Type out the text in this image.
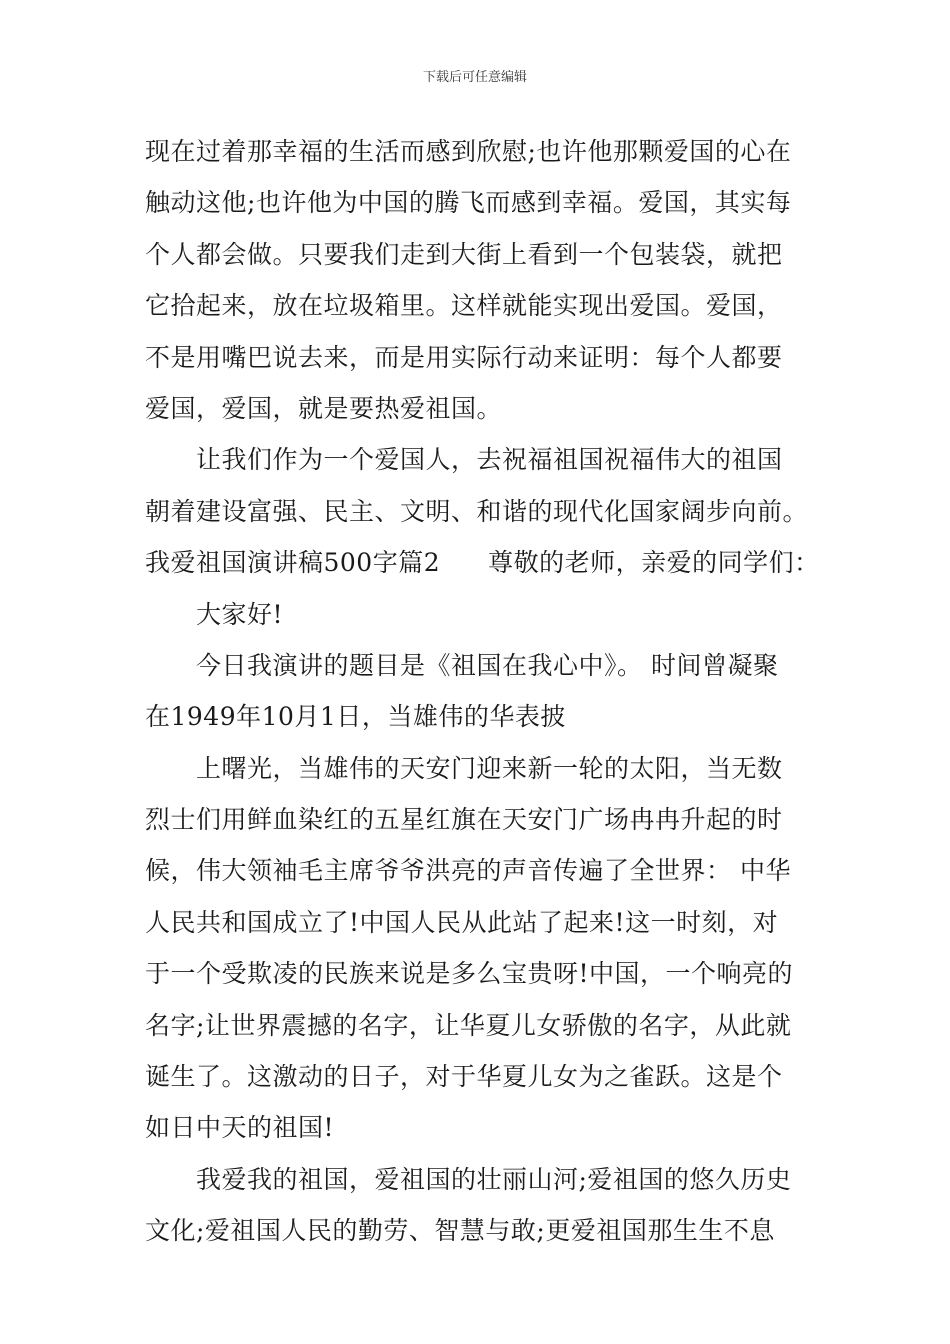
下载后可任意编辑
现在过着那幸福的生活而感到欣慰;也许他那颗爱国的心在
触动这他;也许他为中国的腾飞而感到幸福。爱国，其实每
个人都会做。只要我们走到大街上看到一个包装袋，就把
它拾起来，放在垃圾箱里。这样就能实现出爱国。爱国，
不是用嘴巴说去来，而是用实际行动来证明：每个人都要
爱国，爱国，就是要热爱祖国。
让我们作为一个爱国人，去祝福祖国祝福伟大的祖国
朝着建设富强、民主、文明、和谐的现代化国家阔步向前。
我爱祖国演讲稿500字篇2 尊敬的老师，亲爱的同学们：
大家好!
今日我演讲的题目是《祖国在我心中》。 时间曾凝聚
在1949年10月1日，当雄伟的华表披
上曙光，当雄伟的天安门迎来新一轮的太阳，当无数
烈士们用鲜血染红的五星红旗在天安门广场冉冉升起的时
候，伟大领袖毛主席爷爷洪亮的声音传遍了全世界： 中华
人民共和国成立了!中国人民从此站了起来!这一时刻，对
于一个受欺凌的民族来说是多么宝贵呀!中国，一个响亮的
名字;让世界震撼的名字，让华夏儿女骄傲的名字，从此就
诞生了。这激动的日子，对于华夏儿女为之雀跃。这是个
如日中天的祖国!
我爱我的祖国，爱祖国的壮丽山河;爱祖国的悠久历史
文化;爱祖国人民的勤劳、智慧与敢;更爱祖国那生生不息
